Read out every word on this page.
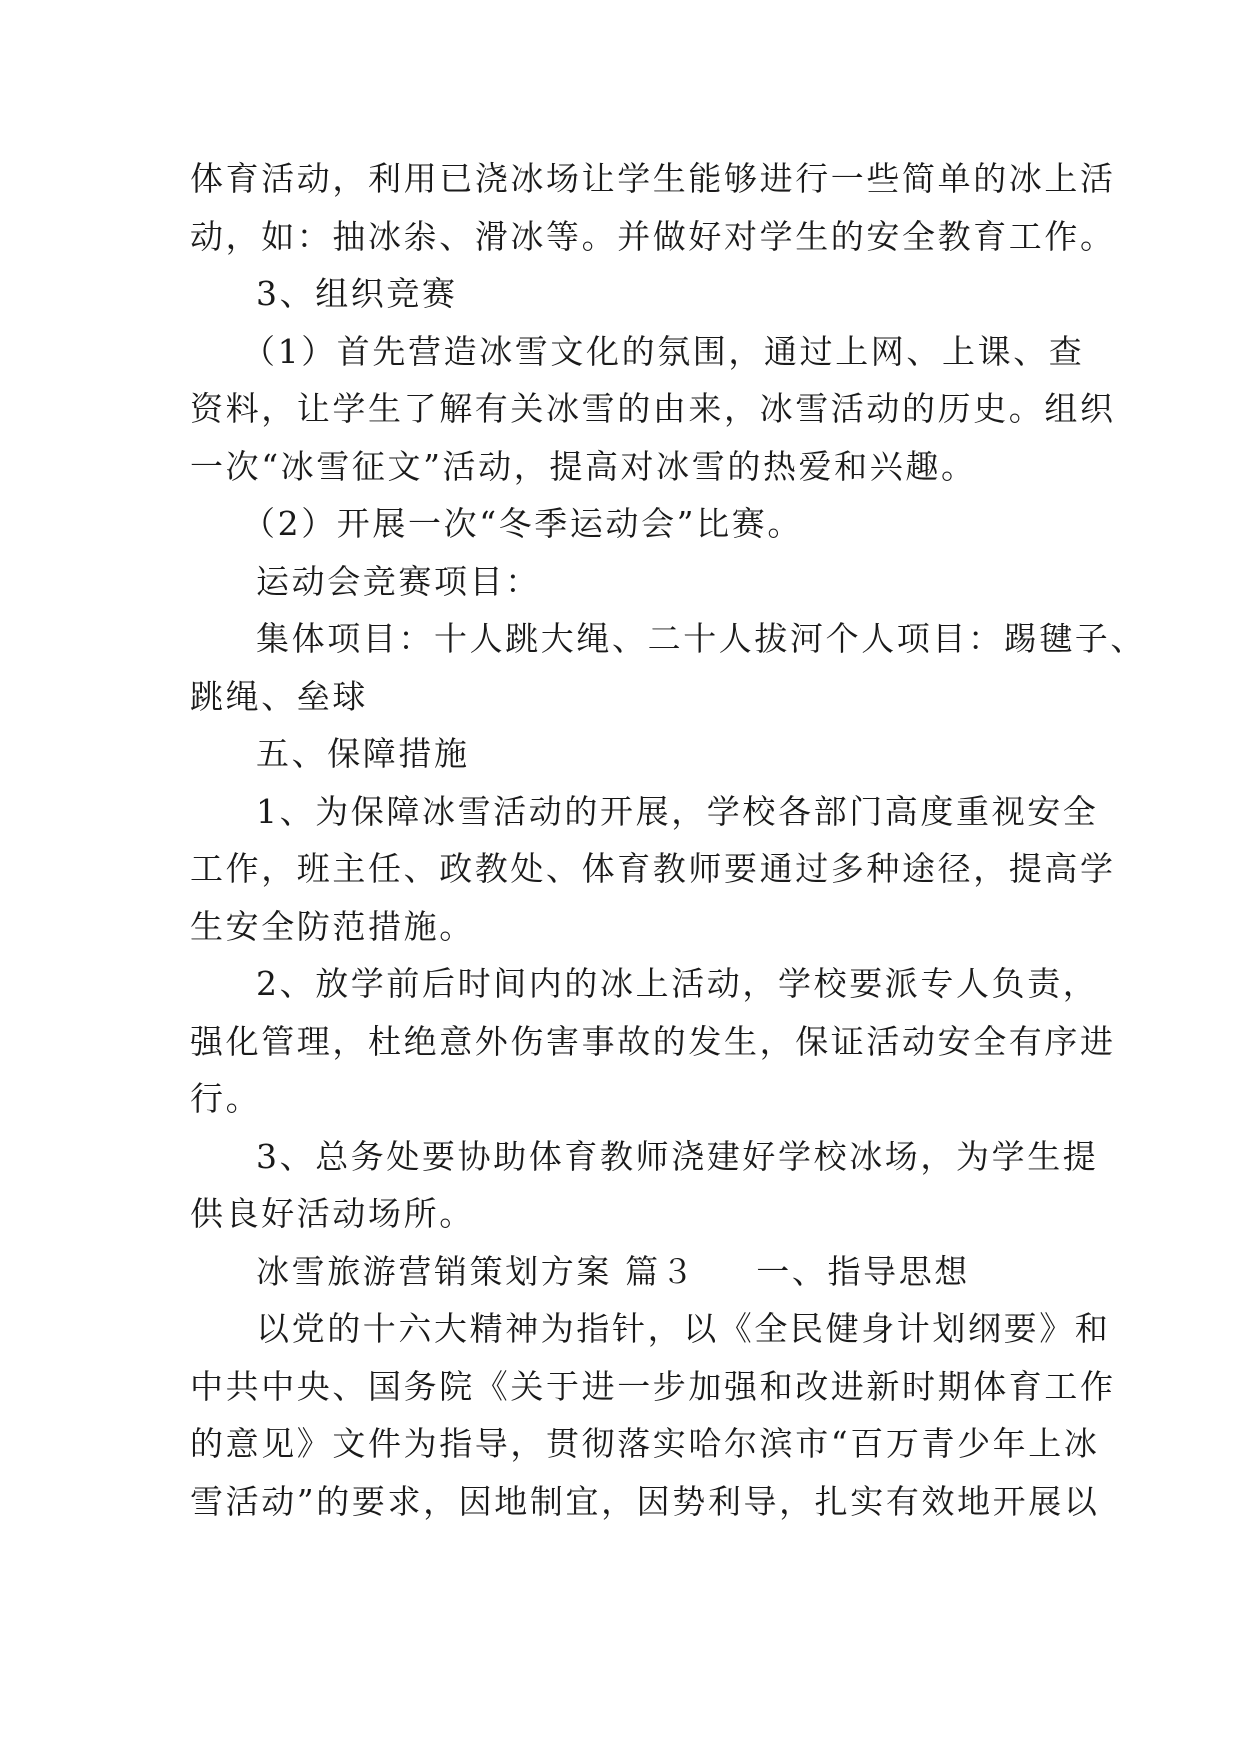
体育活动，利用已浇冰场让学生能够进行一些简单的冰上活
动，如：抽冰尜、滑冰等。并做好对学生的安全教育工作。
3、组织竞赛
（1）首先营造冰雪文化的氛围，通过上网、上课、查
资料，让学生了解有关冰雪的由来，冰雪活动的历史。组织
一次“冰雪征文”活动，提高对冰雪的热爱和兴趣。
（2）开展一次“冬季运动会”比赛。
运动会竞赛项目：
集体项目：十人跳大绳、二十人拔河个人项目：踢毽子、
跳绳、垒球
五、保障措施
1、为保障冰雪活动的开展，学校各部门高度重视安全
工作，班主任、政教处、体育教师要通过多种途径，提高学
生安全防范措施。
2、放学前后时间内的冰上活动，学校要派专人负责，
强化管理，杜绝意外伤害事故的发生，保证活动安全有序进
行。
3、总务处要协助体育教师浇建好学校冰场，为学生提
供良好活动场所。
冰雪旅游营销策划方案 篇３ 一、指导思想
以党的十六大精神为指针，以《全民健身计划纲要》和
中共中央、国务院《关于进一步加强和改进新时期体育工作
的意见》文件为指导，贯彻落实哈尔滨市“百万青少年上冰
雪活动”的要求，因地制宜，因势利导，扎实有效地开展以
